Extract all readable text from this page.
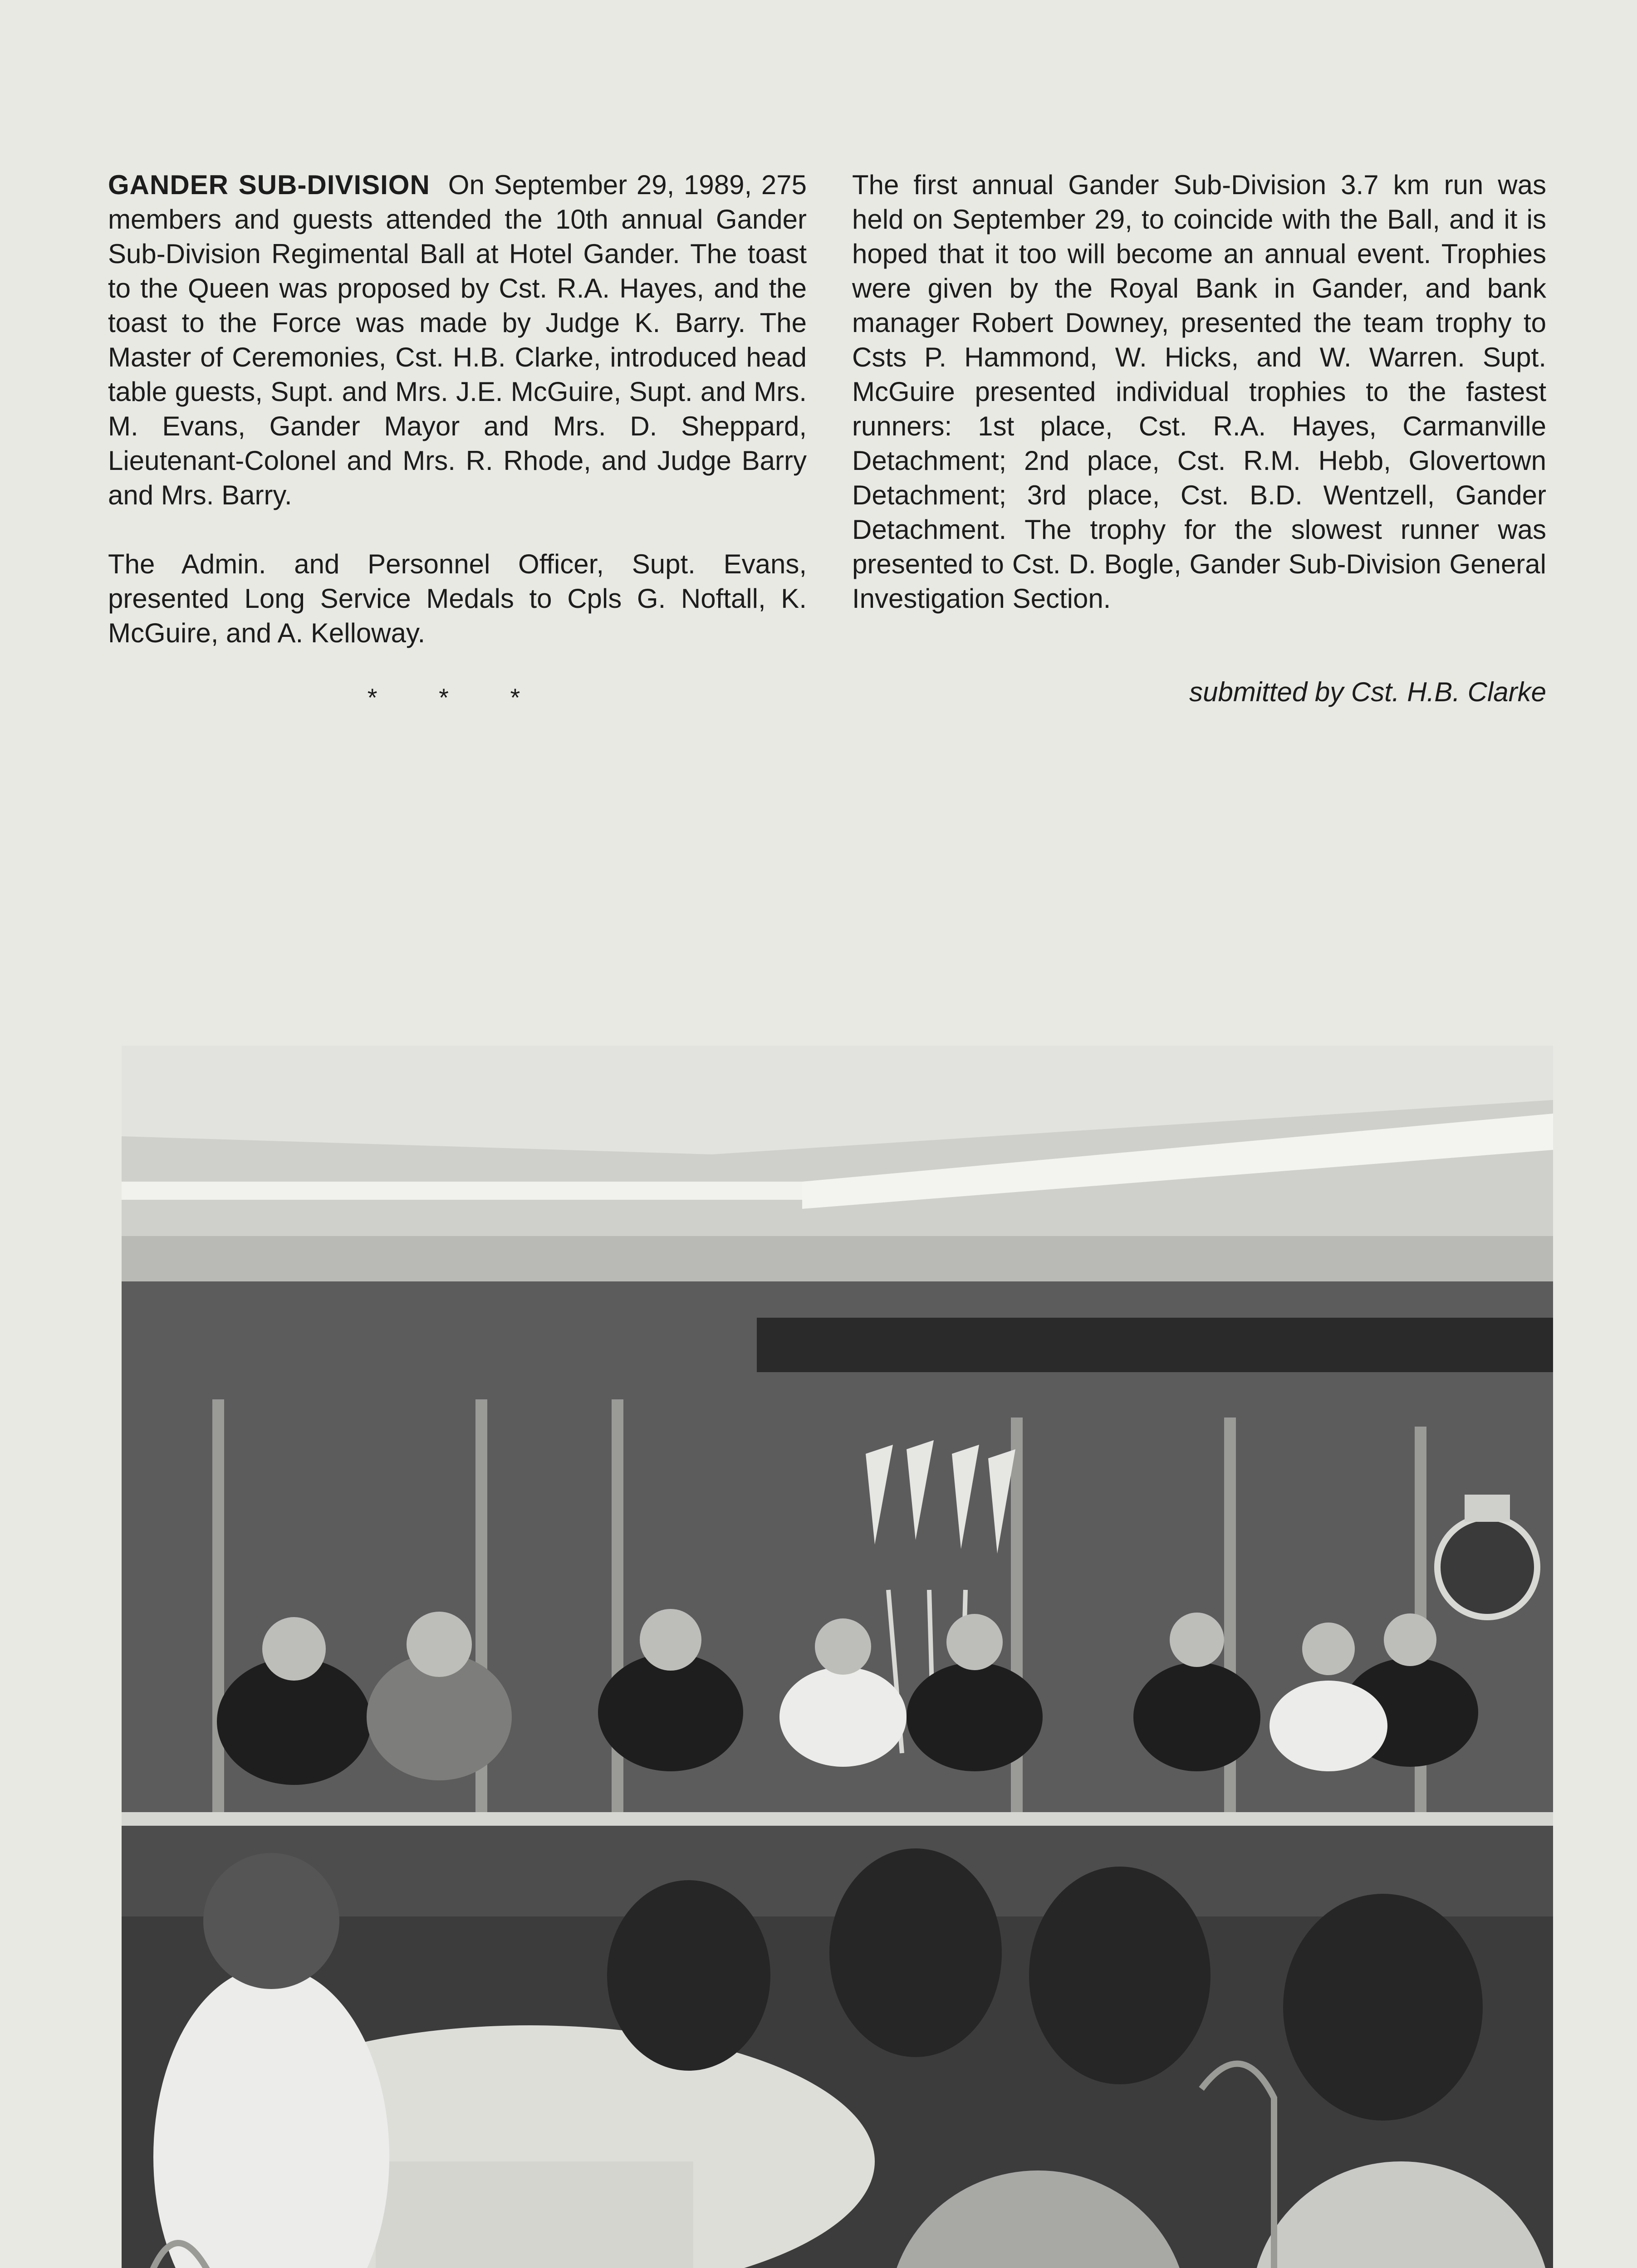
GANDER SUB-DIVISION On September 29, 1989, 275 members and guests attended the 10th annual Gander Sub-Division Regimental Ball at Hotel Gander. The toast to the Queen was proposed by Cst. R.A. Hayes, and the toast to the Force was made by Judge K. Barry. The Master of Ceremonies, Cst. H.B. Clarke, introduced head table guests, Supt. and Mrs. J.E. McGuire, Supt. and Mrs. M. Evans, Gander Mayor and Mrs. D. Sheppard, Lieutenant-Colonel and Mrs. R. Rhode, and Judge Barry and Mrs. Barry.

The Admin. and Personnel Officer, Supt. Evans, presented Long Service Medals to Cpls G. Noftall, K. McGuire, and A. Kelloway.

* * *

The first annual Gander Sub-Division 3.7 km run was held on September 29, to coincide with the Ball, and it is hoped that it too will become an annual event. Trophies were given by the Royal Bank in Gander, and bank manager Robert Downey, presented the team trophy to Csts P. Hammond, W. Hicks, and W. Warren. Supt. McGuire presented individual trophies to the fastest runners: 1st place, Cst. R.A. Hayes, Carmanville Detachment; 2nd place, Cst. R.M. Hebb, Glovertown Detachment; 3rd place, Cst. B.D. Wentzell, Gander Detachment. The trophy for the slowest runner was presented to Cst. D. Bogle, Gander Sub-Division General Investigation Section.

submitted by Cst. H.B. Clarke
